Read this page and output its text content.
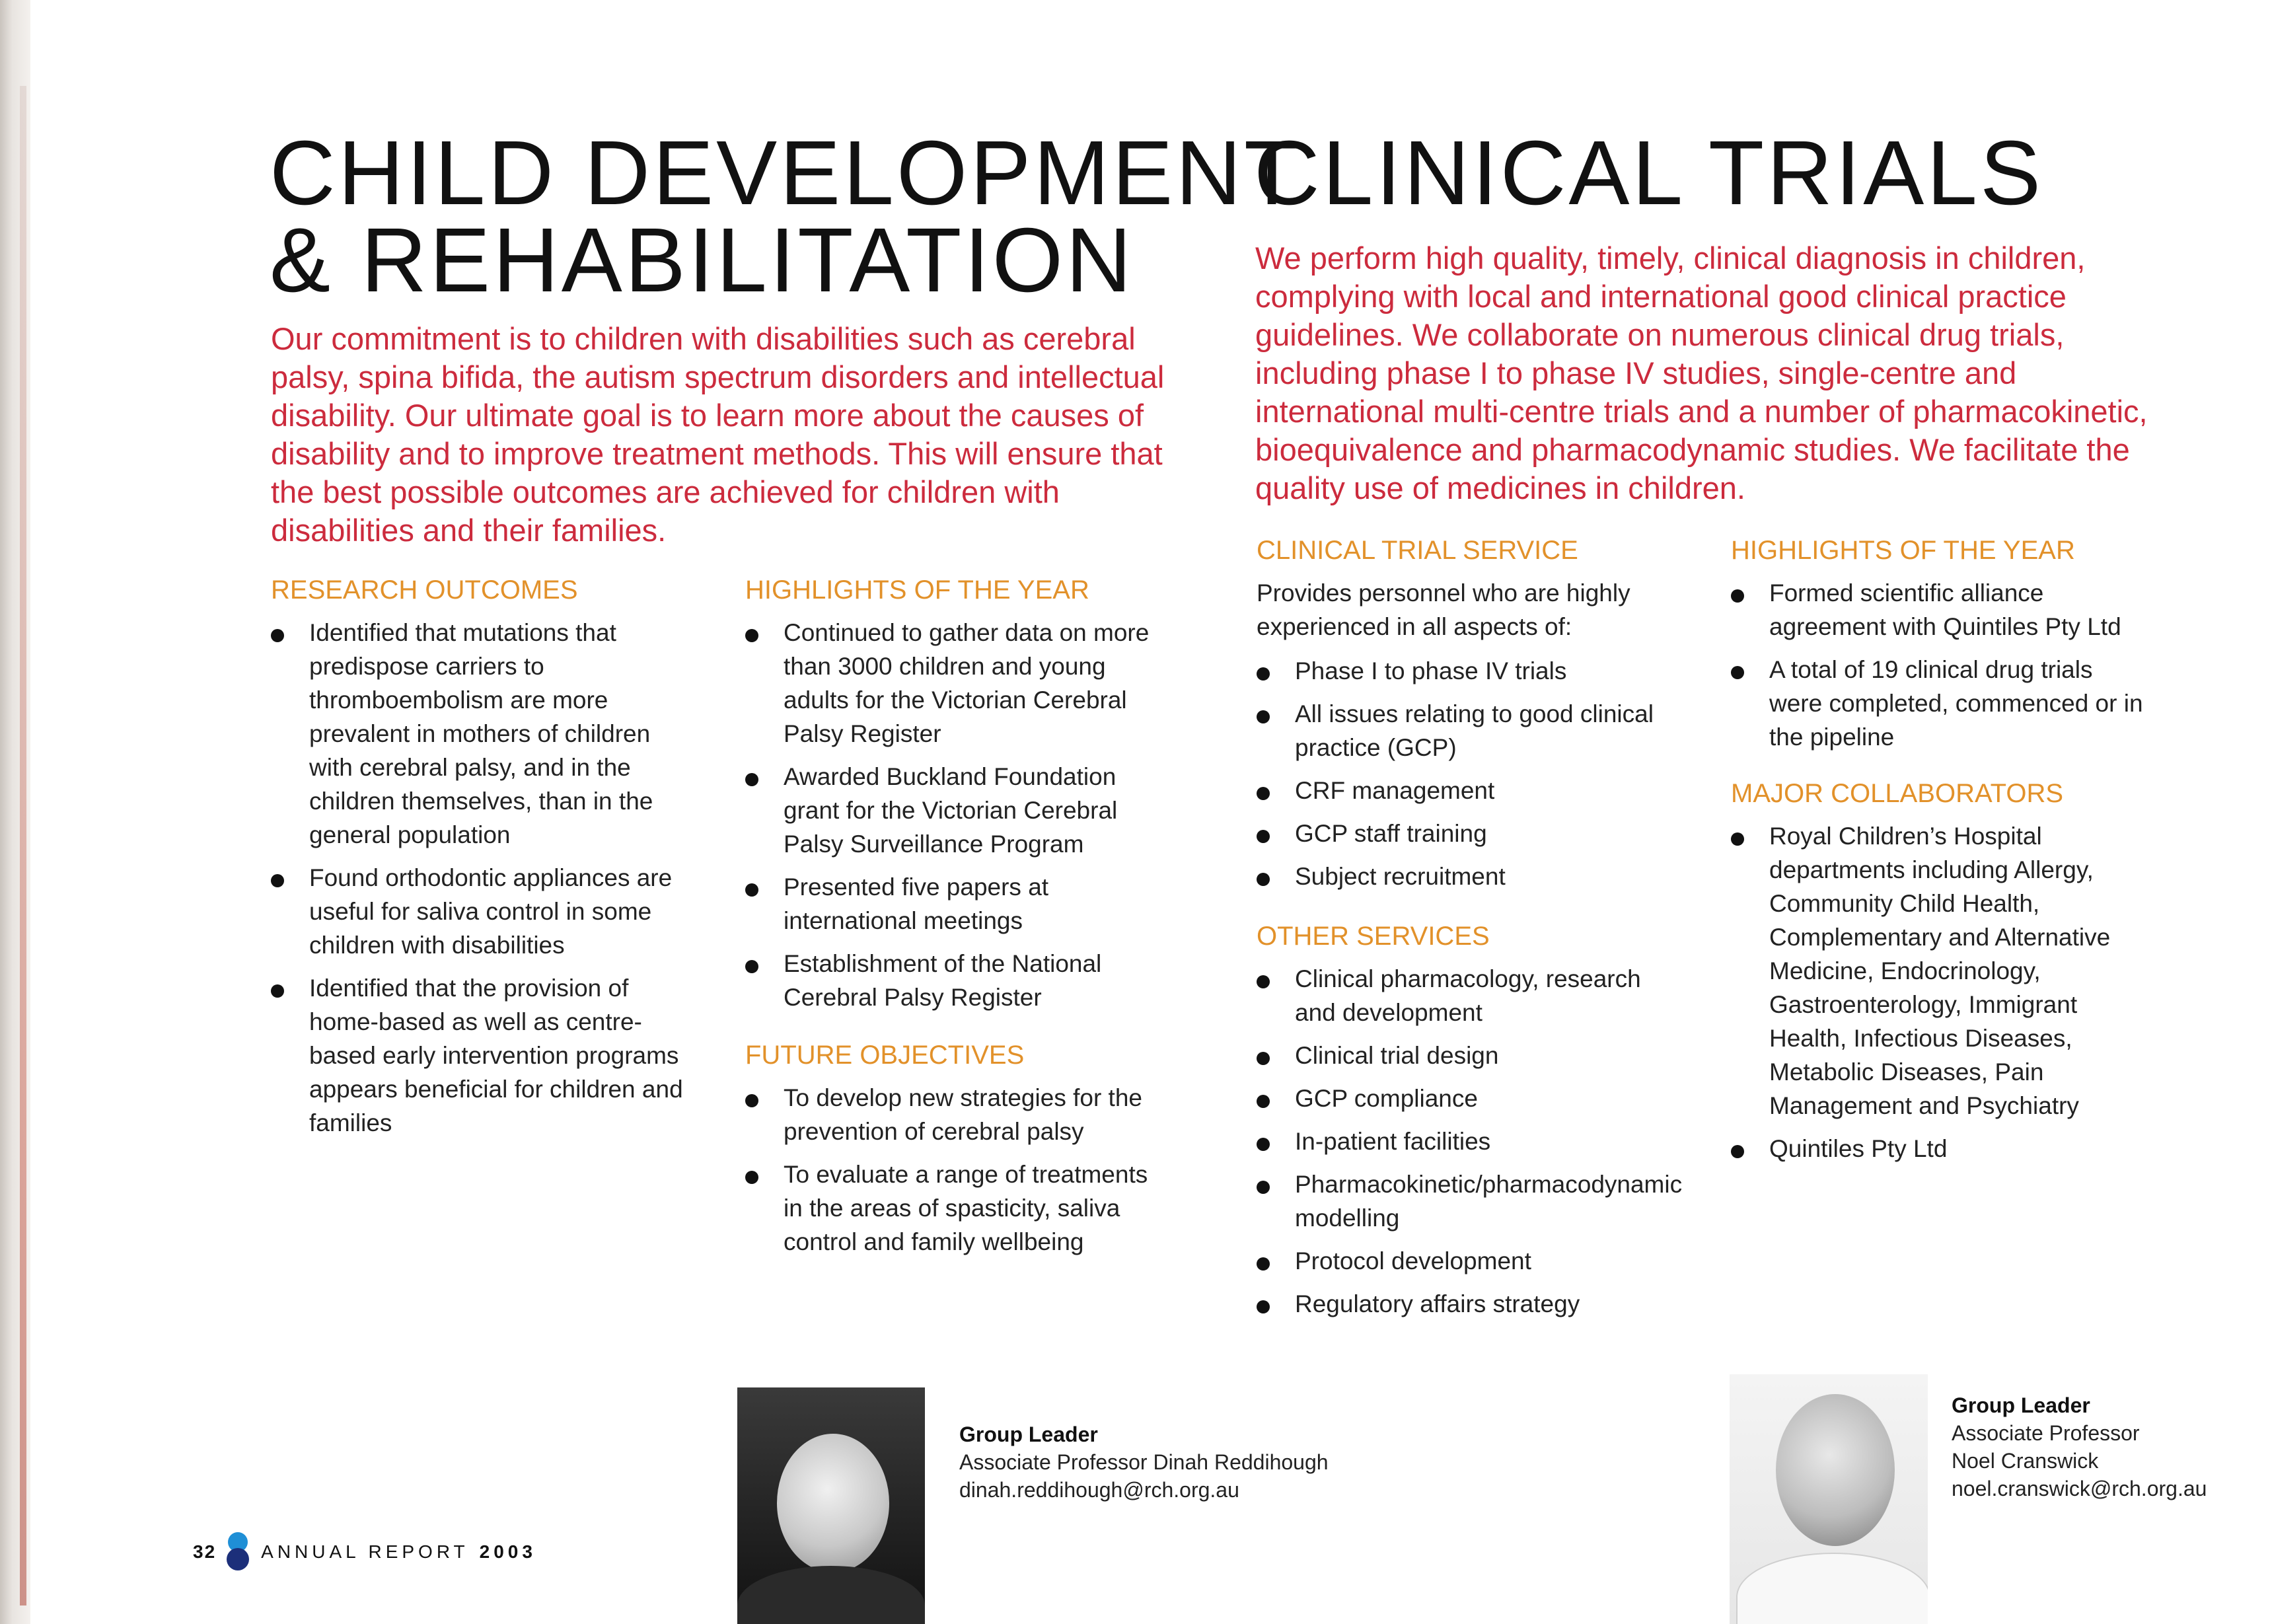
CHILD DEVELOPMENT
& REHABILITATION

Our commitment is to children with disabilities such as cerebral
palsy, spina bifida, the autism spectrum disorders and intellectual
disability. Our ultimate goal is to learn more about the causes of
disability and to improve treatment methods. This will ensure that
the best possible outcomes are achieved for children with
disabilities and their families.

RESEARCH OUTCOMES
Identified that mutations that
predispose carriers to
thromboembolism are more
prevalent in mothers of children
with cerebral palsy, and in the
children themselves, than in the
general population
Found orthodontic appliances are
useful for saliva control in some
children with disabilities
Identified that the provision of
home-based as well as centre-
based early intervention programs
appears beneficial for children and
families
HIGHLIGHTS OF THE YEAR
Continued to gather data on more
than 3000 children and young
adults for the Victorian Cerebral
Palsy Register
Awarded Buckland Foundation
grant for the Victorian Cerebral
Palsy Surveillance Program
Presented five papers at
international meetings
Establishment of the National
Cerebral Palsy Register
FUTURE OBJECTIVES
To develop new strategies for the
prevention of cerebral palsy
To evaluate a range of treatments
in the areas of spasticity, saliva
control and family wellbeing

Group Leader

Associate Professor Dinah Reddihough

dinah.reddihough@rch.org.au

32 ANNUAL REPORT 2003
CLINICAL TRIALS

We perform high quality, timely, clinical diagnosis in children,
complying with local and international good clinical practice
guidelines. We collaborate on numerous clinical drug trials,
including phase I to phase IV studies, single-centre and
international multi-centre trials and a number of pharmacokinetic,
bioequivalence and pharmacodynamic studies. We facilitate the
quality use of medicines in children.

CLINICAL TRIAL SERVICE

Provides personnel who are highly
experienced in all aspects of:

Phase I to phase IV trials
All issues relating to good clinical
practice (GCP)
CRF management
GCP staff training
Subject recruitment
OTHER SERVICES
Clinical pharmacology, research
and development
Clinical trial design
GCP compliance
In-patient facilities
Pharmacokinetic/pharmacodynamic
modelling
Protocol development
Regulatory affairs strategy
HIGHLIGHTS OF THE YEAR
Formed scientific alliance
agreement with Quintiles Pty Ltd
A total of 19 clinical drug trials
were completed, commenced or in
the pipeline
MAJOR COLLABORATORS
Royal Children’s Hospital
departments including Allergy,
Community Child Health,
Complementary and Alternative
Medicine, Endocrinology,
Gastroenterology, Immigrant
Health, Infectious Diseases,
Metabolic Diseases, Pain
Management and Psychiatry
Quintiles Pty Ltd

Group Leader

Associate Professor

Noel Cranswick

noel.cranswick@rch.org.au
